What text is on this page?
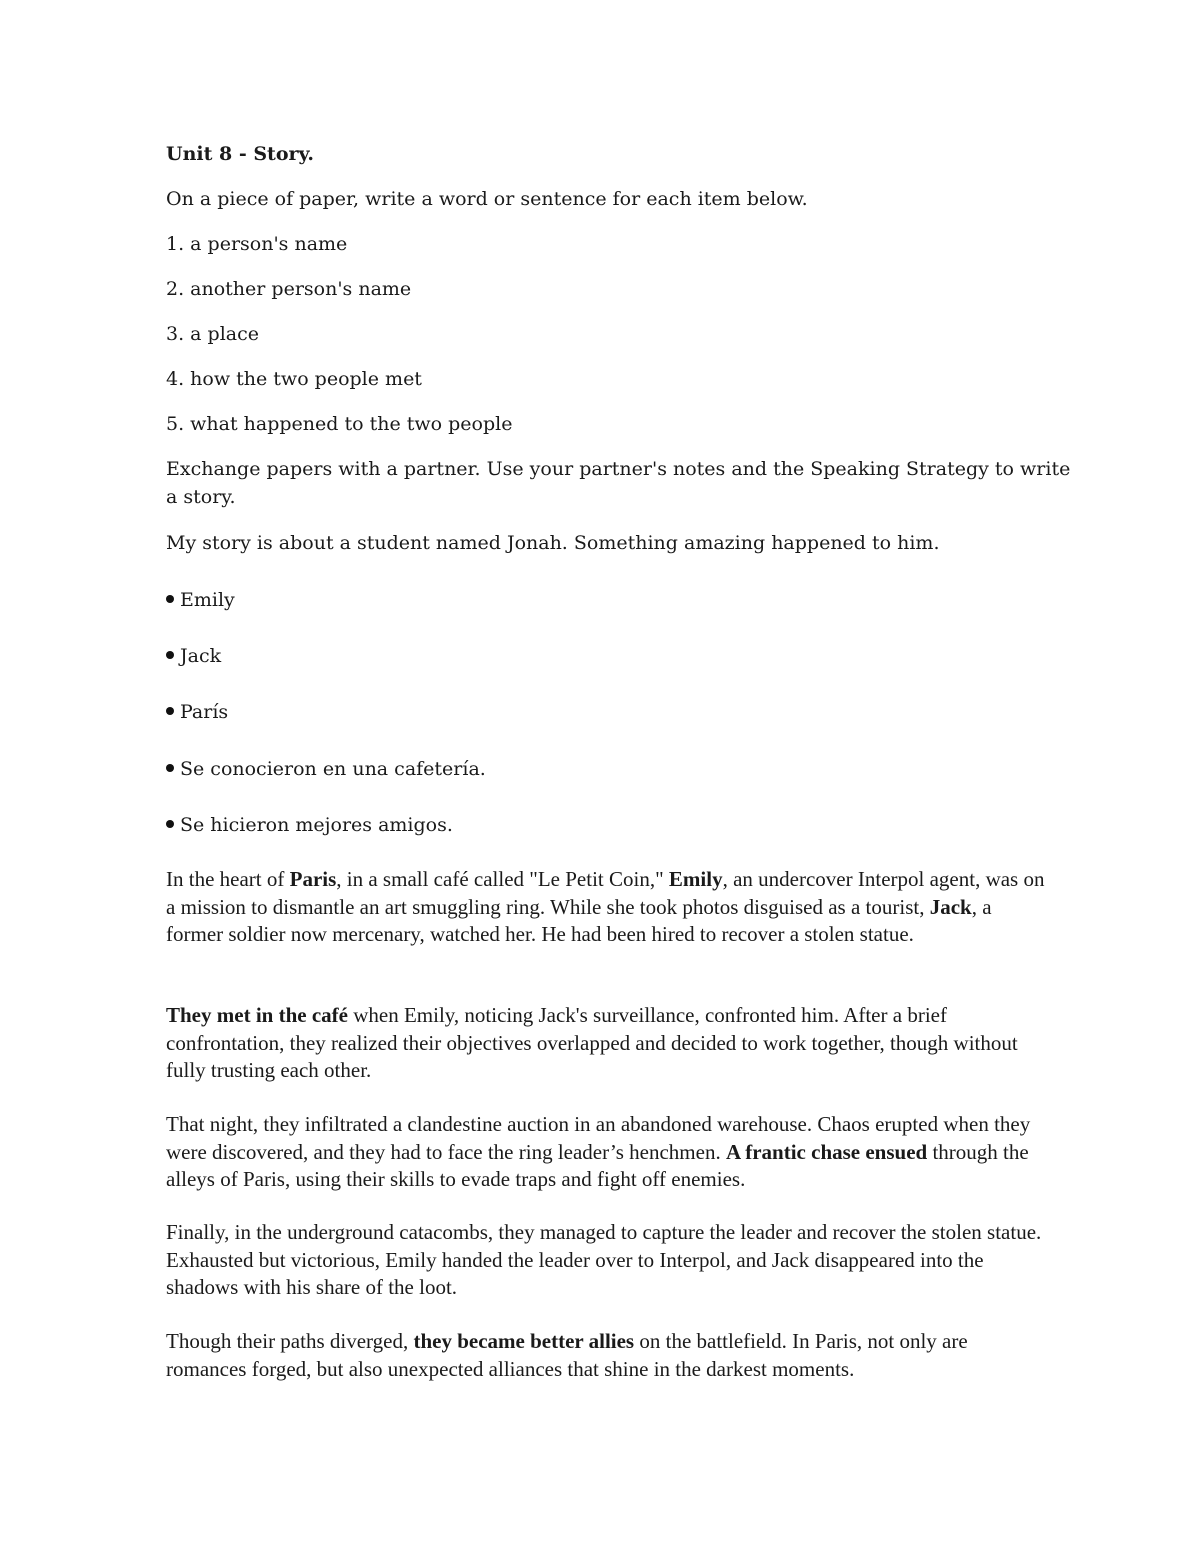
Unit 8 - Story.

On a piece of paper, write a word or sentence for each item below.

1. a person's name

2. another person's name

3. a place

4. how the two people met

5. what happened to the two people

Exchange papers with a partner. Use your partner's notes and the Speaking Strategy to write

a story.

My story is about a student named Jonah. Something amazing happened to him.

Emily

Jack

París

Se conocieron en una cafetería.

Se hicieron mejores amigos.

In the heart of Paris, in a small café called "Le Petit Coin," Emily, an undercover Interpol agent, was on a mission to dismantle an art smuggling ring. While she took photos disguised as a tourist, Jack, a former soldier now mercenary, watched her. He had been hired to recover a stolen statue.

They met in the café when Emily, noticing Jack's surveillance, confronted him. After a brief confrontation, they realized their objectives overlapped and decided to work together, though without fully trusting each other.

That night, they infiltrated a clandestine auction in an abandoned warehouse. Chaos erupted when they were discovered, and they had to face the ring leader’s henchmen. A frantic chase ensued through the alleys of Paris, using their skills to evade traps and fight off enemies.

Finally, in the underground catacombs, they managed to capture the leader and recover the stolen statue. Exhausted but victorious, Emily handed the leader over to Interpol, and Jack disappeared into the shadows with his share of the loot.

Though their paths diverged, they became better allies on the battlefield. In Paris, not only are romances forged, but also unexpected alliances that shine in the darkest moments.
